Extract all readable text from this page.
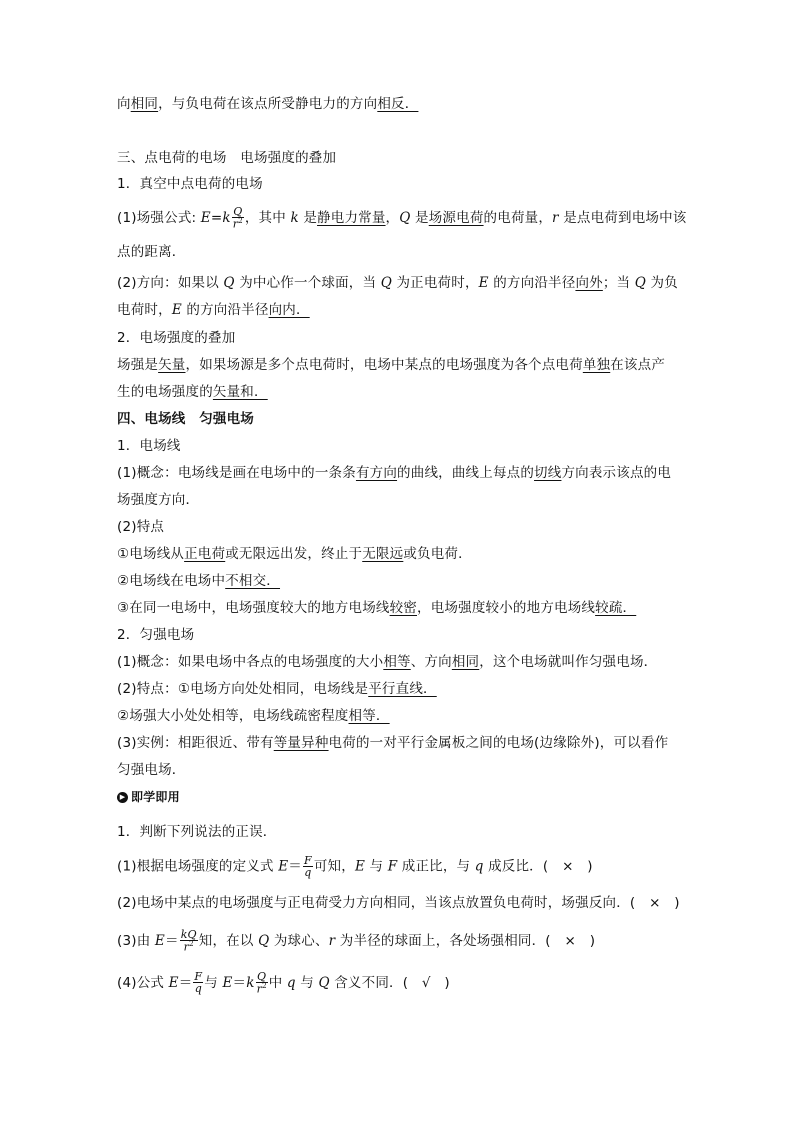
向相同，与负电荷在该点所受静电力的方向相反．
三、点电荷的电场　电场强度的叠加
1．真空中点电荷的电场
(1)场强公式: $E=k \frac{Q}{r^2}$ ，其中 k 是静电力常量，Q 是场源电荷的电荷量，r 是点电荷到电场中该
点的距离．
(2)方向：如果以 Q 为中心作一个球面，当 Q 为正电荷时，E 的方向沿半径向外；当 Q 为负
电荷时，E 的方向沿半径向内．
2．电场强度的叠加
场强是矢量，如果场源是多个点电荷时，电场中某点的电场强度为各个点电荷单独在该点产
生的电场强度的矢量和．
四、电场线　匀强电场
1．电场线
(1)概念：电场线是画在电场中的一条条有方向的曲线，曲线上每点的切线方向表示该点的电
场强度方向．
(2)特点
①电场线从正电荷或无限远出发，终止于无限远或负电荷．
②电场线在电场中不相交．
③在同一电场中，电场强度较大的地方电场线较密，电场强度较小的地方电场线较疏．
2．匀强电场
(1)概念：如果电场中各点的电场强度的大小相等、方向相同，这个电场就叫作匀强电场．
(2)特点：①电场方向处处相同，电场线是平行直线．
②场强大小处处相等，电场线疏密程度相等．
(3)实例：相距很近、带有等量异种电荷的一对平行金属板之间的电场(边缘除外)，可以看作
匀强电场．
▶ 即学即用
1．判断下列说法的正误．
(1)根据电场强度的定义式 $E= \frac{F}{q}$ 可知，E 与 F 成正比，与 q 成反比．(　×　)
(2)电场中某点的电场强度与正电荷受力方向相同，当该点放置负电荷时，场强反向．(　×　)
(3)由 $E= \frac{kQ}{r^2}$ 知，在以 Q 为球心、r 为半径的球面上，各处场强相同．(　×　)
(4)公式 $E= \frac{F}{q}$ 与 $E=k \frac{Q}{r^2}$ 中 q 与 Q 含义不同．(　√　)
